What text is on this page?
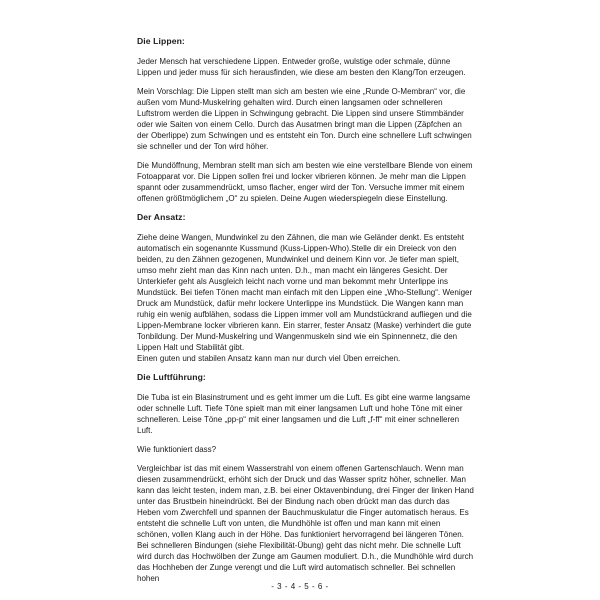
Die Lippen:

Jeder Mensch hat verschiedene Lippen. Entweder große, wulstige oder schmale, dünne Lippen und jeder muss für sich herausfinden, wie diese am besten den Klang/Ton erzeugen.

Mein Vorschlag: Die Lippen stellt man sich am besten wie eine „Runde O-Membran“ vor, die außen vom Mund-Muskelring gehalten wird. Durch einen langsamen oder schnelleren Luftstrom werden die Lippen in Schwingung gebracht. Die Lippen sind unsere Stimmbänder oder wie Saiten von einem Cello. Durch das Ausatmen bringt man die Lippen (Zäpfchen an der Oberlippe) zum Schwingen und es entsteht ein Ton. Durch eine schnellere Luft schwingen sie schneller und der Ton wird höher.

Die Mundöffnung, Membran stellt man sich am besten wie eine verstellbare Blende von einem Fotoapparat vor. Die Lippen sollen frei und locker vibrieren können. Je mehr man die Lippen spannt oder zusammendrückt, umso flacher, enger wird der Ton. Versuche immer mit einem offenen größtmöglichem „O“ zu spielen. Deine Augen wiederspiegeln diese Einstellung.

Der Ansatz:

Ziehe deine Wangen, Mundwinkel zu den Zähnen, die man wie Geländer denkt. Es entsteht automatisch ein sogenannte Kussmund (Kuss-Lippen-Who).Stelle dir ein Dreieck von den beiden, zu den Zähnen gezogenen, Mundwinkel und deinem Kinn vor. Je tiefer man spielt, umso mehr zieht man das Kinn nach unten. D.h., man macht ein längeres Gesicht. Der Unterkiefer geht als Ausgleich leicht nach vorne und man bekommt mehr Unterlippe ins Mundstück. Bei tiefen Tönen macht man einfach mit den Lippen eine „Who-Stellung“. Weniger Druck am Mundstück, dafür mehr lockere Unterlippe ins Mundstück. Die Wangen kann man ruhig ein wenig aufblähen, sodass die Lippen immer voll am Mundstückrand aufliegen und die Lippen-Membrane locker vibrieren kann. Ein starrer, fester Ansatz (Maske) verhindert die gute Tonbildung. Der Mund-Muskelring und Wangenmuskeln sind wie ein Spinnennetz, die den Lippen Halt und Stabilität gibt.

Einen guten und stabilen Ansatz kann man nur durch viel Üben erreichen.

Die Luftführung:

Die Tuba ist ein Blasinstrument und es geht immer um die Luft. Es gibt eine warme langsame oder schnelle Luft. Tiefe Töne spielt man mit einer langsamen Luft und hohe Töne mit einer schnelleren. Leise Töne „pp-p“ mit einer langsamen und die Luft „f-ff“ mit einer schnelleren Luft.

Wie funktioniert dass?

Vergleichbar ist das mit einem Wasserstrahl von einem offenen Gartenschlauch. Wenn man diesen zusammendrückt, erhöht sich der Druck und das Wasser spritz höher, schneller. Man kann das leicht testen, indem man, z.B. bei einer Oktavenbindung, drei Finger der linken Hand unter das Brustbein hineindrückt. Bei der Bindung nach oben drückt man das durch das Heben vom Zwerchfell und spannen der Bauchmuskulatur die Finger automatisch heraus. Es entsteht die schnelle Luft von unten, die Mundhöhle ist offen und man kann mit einen schönen, vollen Klang auch in der Höhe. Das funktioniert hervorragend bei längeren Tönen.

Bei schnelleren Bindungen (siehe Flexibilität-Übung) geht das nicht mehr. Die schnelle Luft wird durch das Hochwölben der Zunge am Gaumen moduliert. D.h., die Mundhöhle wird durch das Hochheben der Zunge verengt und die Luft wird automatisch schneller. Bei schnellen hohen

- 3 - 4 - 5 - 6 -
